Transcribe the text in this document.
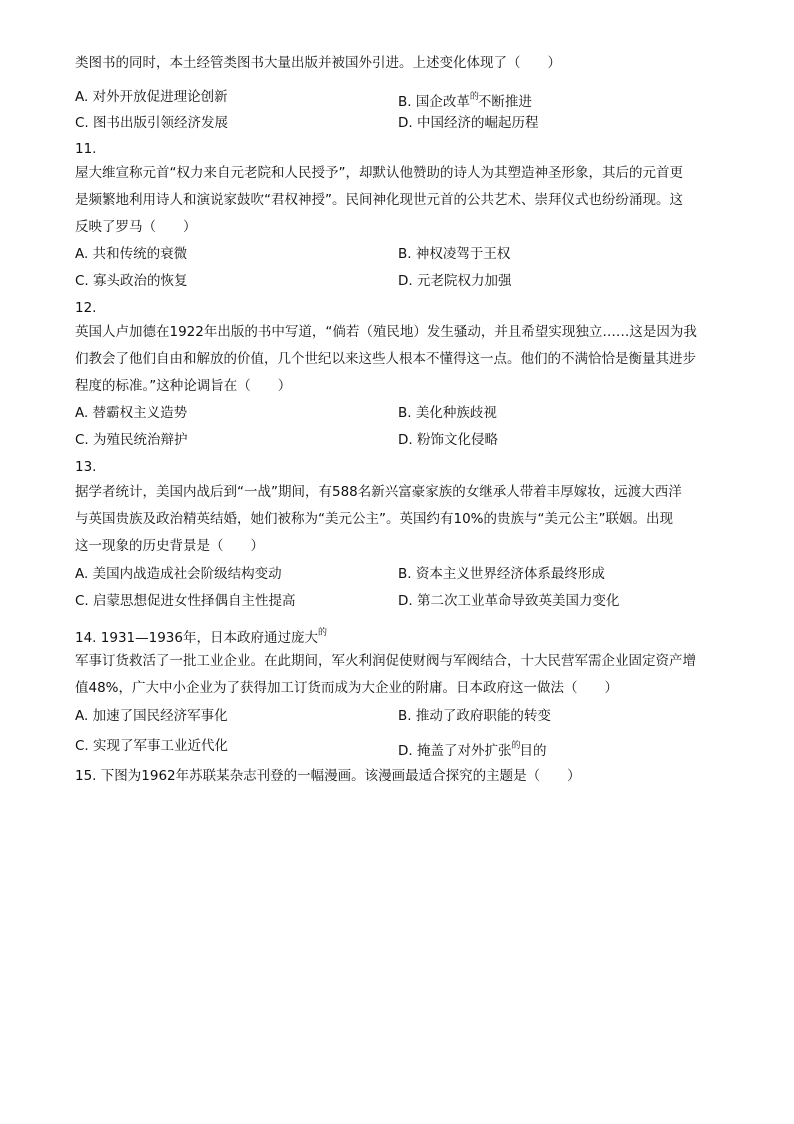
类图书的同时，本土经管类图书大量出版并被国外引进。上述变化体现了（　　）
A. 对外开放促进理论创新	B. 国企改革$^的$不断推进
C. 图书出版引领经济发展	D. 中国经济的崛起历程
11.
屋大维宣称元首“权力来自元老院和人民授予”，却默认他赞助的诗人为其塑造神圣形象，其后的元首更
是频繁地利用诗人和演说家鼓吹“君权神授”。民间神化现世元首的公共艺术、崇拜仪式也纷纷涌现。这
反映了罗马（　　）
A. 共和传统的衰微	B. 神权凌驾于王权
C. 寡头政治的恢复	D. 元老院权力加强
12.
英国人卢加德在1922年出版的书中写道，“倘若（殖民地）发生骚动，并且希望实现独立……这是因为我
们教会了他们自由和解放的价值，几个世纪以来这些人根本不懂得这一点。他们的不满恰恰是衡量其进步
程度的标准。”这种论调旨在（　　）
A. 替霸权主义造势	B. 美化种族歧视
C. 为殖民统治辩护	D. 粉饰文化侵略
13.
据学者统计，美国内战后到“一战”期间，有588名新兴富豪家族的女继承人带着丰厚嫁妆，远渡大西洋
与英国贵族及政治精英结婚，她们被称为“美元公主”。英国约有10%的贵族与“美元公主”联姻。出现
这一现象的历史背景是（　　）
A. 美国内战造成社会阶级结构变动	B. 资本主义世界经济体系最终形成
C. 启蒙思想促进女性择偶自主性提高	D. 第二次工业革命导致英美国力变化
14. 1931—1936年，日本政府通过庞大$^的$
军事订货救活了一批工业企业。在此期间，军火利润促使财阀与军阀结合，十大民营军需企业固定资产增
值48%，广大中小企业为了获得加工订货而成为大企业的附庸。日本政府这一做法（　　）
A. 加速了国民经济军事化	B. 推动了政府职能的转变
C. 实现了军事工业近代化	D. 掩盖了对外扩张$^的$目的
15. 下图为1962年苏联某杂志刊登的一幅漫画。该漫画最适合探究的主题是（　　）
